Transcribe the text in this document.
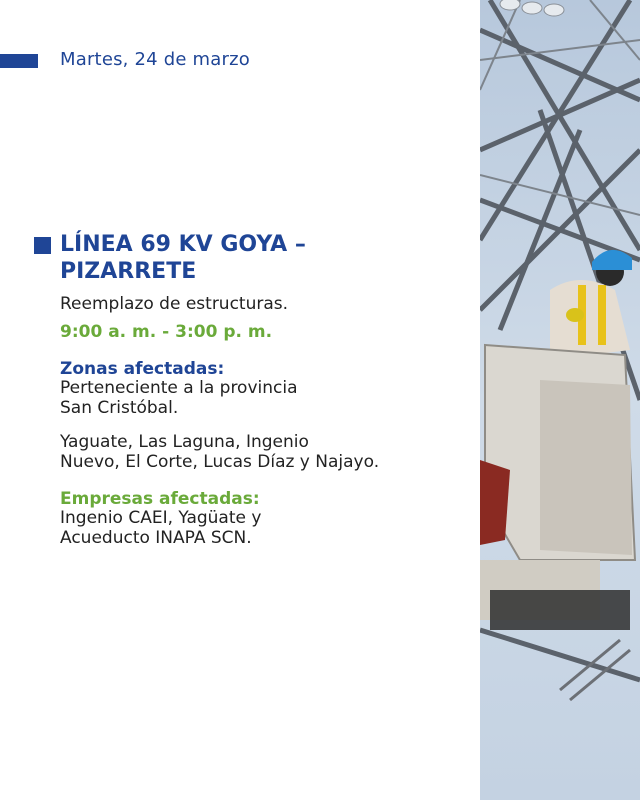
Martes, 24 de marzo
LÍNEA 69 KV GOYA –
PIZARRETE
Reemplazo de estructuras.
9:00 a. m. - 3:00 p. m.
Zonas afectadas:
Perteneciente a la provincia
San Cristóbal.
Yaguate, Las Laguna, Ingenio
Nuevo, El Corte, Lucas Díaz y Najayo.
Empresas afectadas:
Ingenio CAEI, Yagüate y
Acueducto INAPA SCN.
